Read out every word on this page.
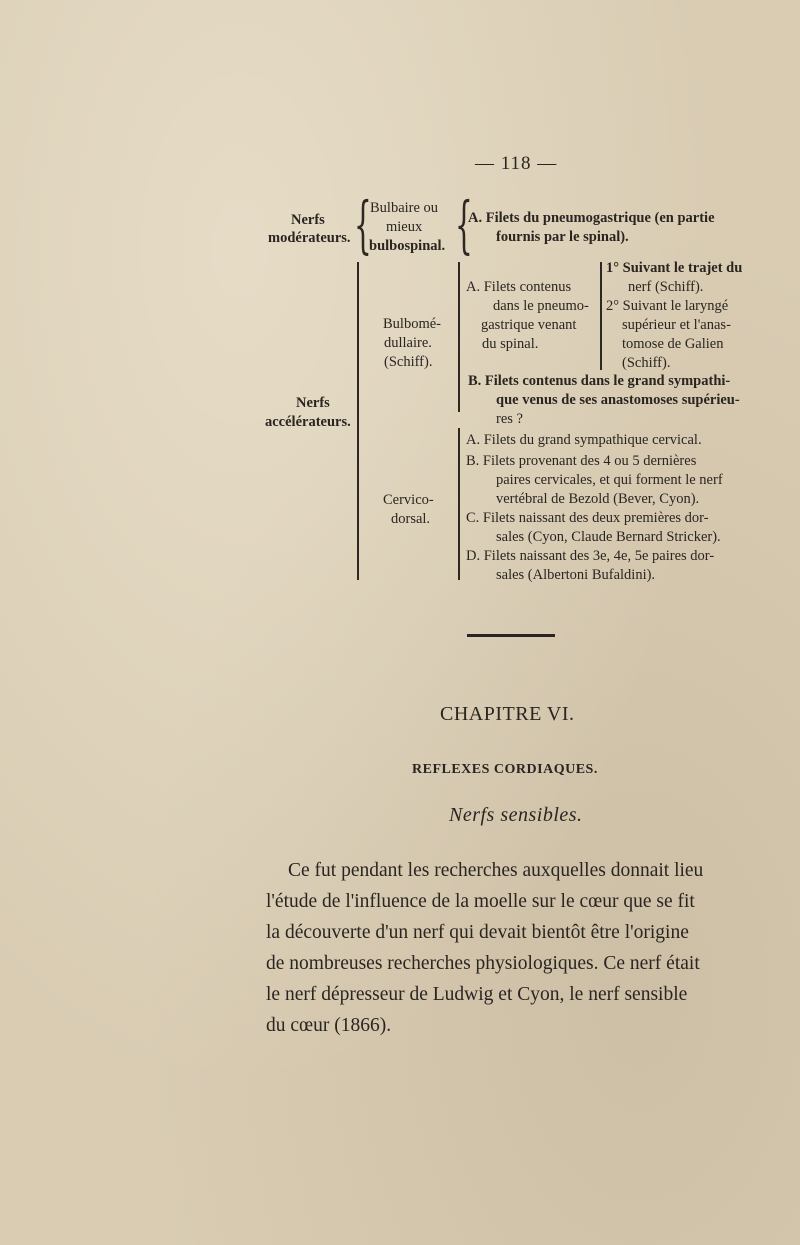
— 118 —
Nerfs
modérateurs. {
Bulbaire ou
mieux
bulbospinal. {
A. Filets du pneumogastrique (en partie
fournis par le spinal).
Nerfs
accélérateurs.
Bulbomé-
dullaire.
(Schiff).
A. Filets contenus
dans le pneumo-
gastrique venant
du spinal.
1° Suivant le trajet du
nerf (Schiff).
2° Suivant le laryngé
supérieur et l'anas-
tomose de Galien
(Schiff).
B. Filets contenus dans le grand sympathi-
que venus de ses anastomoses supérieu-
res ?
Cervico-
dorsal.
A. Filets du grand sympathique cervical.
B. Filets provenant des 4 ou 5 dernières
paires cervicales, et qui forment le nerf
vertébral de Bezold (Bever, Cyon).
C. Filets naissant des deux premières dor-
sales (Cyon, Claude Bernard Stricker).
D. Filets naissant des 3e, 4e, 5e paires dor-
sales (Albertoni Bufaldini).
CHAPITRE VI.
REFLEXES CORDIAQUES.
Nerfs sensibles.
Ce fut pendant les recherches auxquelles donnait lieu
l'étude de l'influence de la moelle sur le cœur que se fit
la découverte d'un nerf qui devait bientôt être l'origine
de nombreuses recherches physiologiques. Ce nerf était
le nerf dépresseur de Ludwig et Cyon, le nerf sensible
du cœur (1866).
